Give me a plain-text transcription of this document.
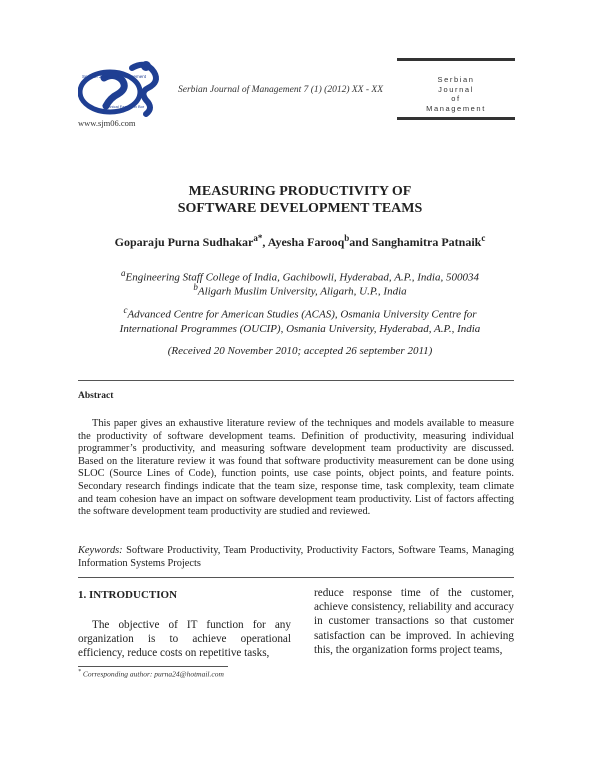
Serbian Journal of Management
Technical Faculty in Bor
www.sjm06.com
Serbian Journal of Management 7 (1) (2012) XX - XX
Serbian
Journal
of
Management
MEASURING PRODUCTIVITY OF
SOFTWARE DEVELOPMENT TEAMS
Goparaju Purna Sudhakar$^{a*}$, Ayesha Farooq$^b$and Sanghamitra Patnaik$^c$
$^a$Engineering Staff College of India, Gachibowli, Hyderabad, A.P., India, 500034
$^b$Aligarh Muslim University, Aligarh, U.P., India
$^c$Advanced Centre for American Studies (ACAS), Osmania University Centre for
International Programmes (OUCIP), Osmania University, Hyderabad, A.P., India
(Received 20 November 2010; accepted 26 september 2011)
Abstract
This paper gives an exhaustive literature review of the techniques and models available to measure the productivity of software development teams. Definition of productivity, measuring individual programmer’s productivity, and measuring software development team productivity are discussed. Based on the literature review it was found that software productivity measurement can be done using SLOC (Source Lines of Code), function points, use case points, object points, and feature points. Secondary research findings indicate that the team size, response time, task complexity, team climate and team cohesion have an impact on software development team productivity. List of factors affecting the software development team productivity are studied and reviewed.
Keywords: Software Productivity, Team Productivity, Productivity Factors, Software Teams, Managing Information Systems Projects
1. INTRODUCTION
The objective of IT function for any organization is to achieve operational efficiency, reduce costs on repetitive tasks,
reduce response time of the customer, achieve consistency, reliability and accuracy in customer transactions so that customer satisfaction can be improved. In achieving this, the organization forms project teams,
* Corresponding author: purna24@hotmail.com
